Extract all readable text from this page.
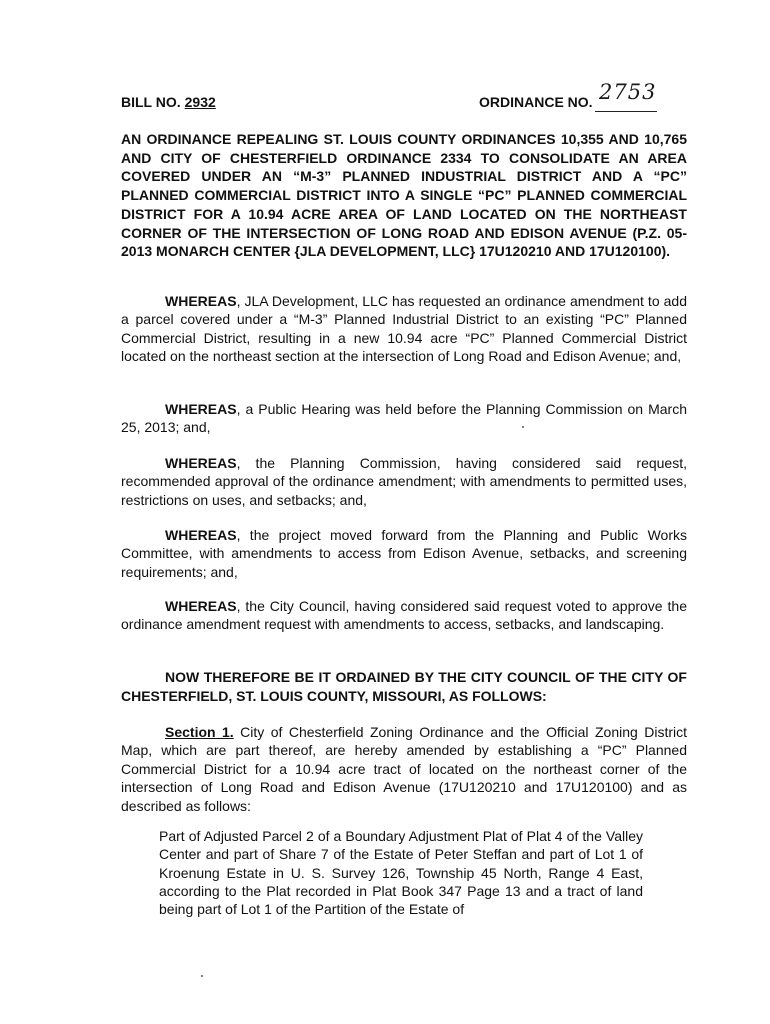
BILL NO. 2932	ORDINANCE NO. 2753

AN ORDINANCE REPEALING ST. LOUIS COUNTY ORDINANCES 10,355 AND 10,765 AND CITY OF CHESTERFIELD ORDINANCE 2334 TO CONSOLIDATE AN AREA COVERED UNDER AN “M-3” PLANNED INDUSTRIAL DISTRICT AND A “PC” PLANNED COMMERCIAL DISTRICT INTO A SINGLE “PC” PLANNED COMMERCIAL DISTRICT FOR A 10.94 ACRE AREA OF LAND LOCATED ON THE NORTHEAST CORNER OF THE INTERSECTION OF LONG ROAD AND EDISON AVENUE (P.Z. 05-2013 MONARCH CENTER {JLA DEVELOPMENT, LLC} 17U120210 AND 17U120100).

WHEREAS, JLA Development, LLC has requested an ordinance amendment to add a parcel covered under a “M-3” Planned Industrial District to an existing “PC” Planned Commercial District, resulting in a new 10.94 acre “PC” Planned Commercial District located on the northeast section at the intersection of Long Road and Edison Avenue; and,

WHEREAS, a Public Hearing was held before the Planning Commission on March 25, 2013; and,

WHEREAS, the Planning Commission, having considered said request, recommended approval of the ordinance amendment; with amendments to permitted uses, restrictions on uses, and setbacks; and,

WHEREAS, the project moved forward from the Planning and Public Works Committee, with amendments to access from Edison Avenue, setbacks, and screening requirements; and,

WHEREAS, the City Council, having considered said request voted to approve the ordinance amendment request with amendments to access, setbacks, and landscaping.

NOW THEREFORE BE IT ORDAINED BY THE CITY COUNCIL OF THE CITY OF CHESTERFIELD, ST. LOUIS COUNTY, MISSOURI, AS FOLLOWS:

Section 1. City of Chesterfield Zoning Ordinance and the Official Zoning District Map, which are part thereof, are hereby amended by establishing a “PC” Planned Commercial District for a 10.94 acre tract of located on the northeast corner of the intersection of Long Road and Edison Avenue (17U120210 and 17U120100) and as described as follows:

Part of Adjusted Parcel 2 of a Boundary Adjustment Plat of Plat 4 of the Valley Center and part of Share 7 of the Estate of Peter Steffan and part of Lot 1 of Kroenung Estate in U. S. Survey 126, Township 45 North, Range 4 East, according to the Plat recorded in Plat Book 347 Page 13 and a tract of land being part of Lot 1 of the Partition of the Estate of
